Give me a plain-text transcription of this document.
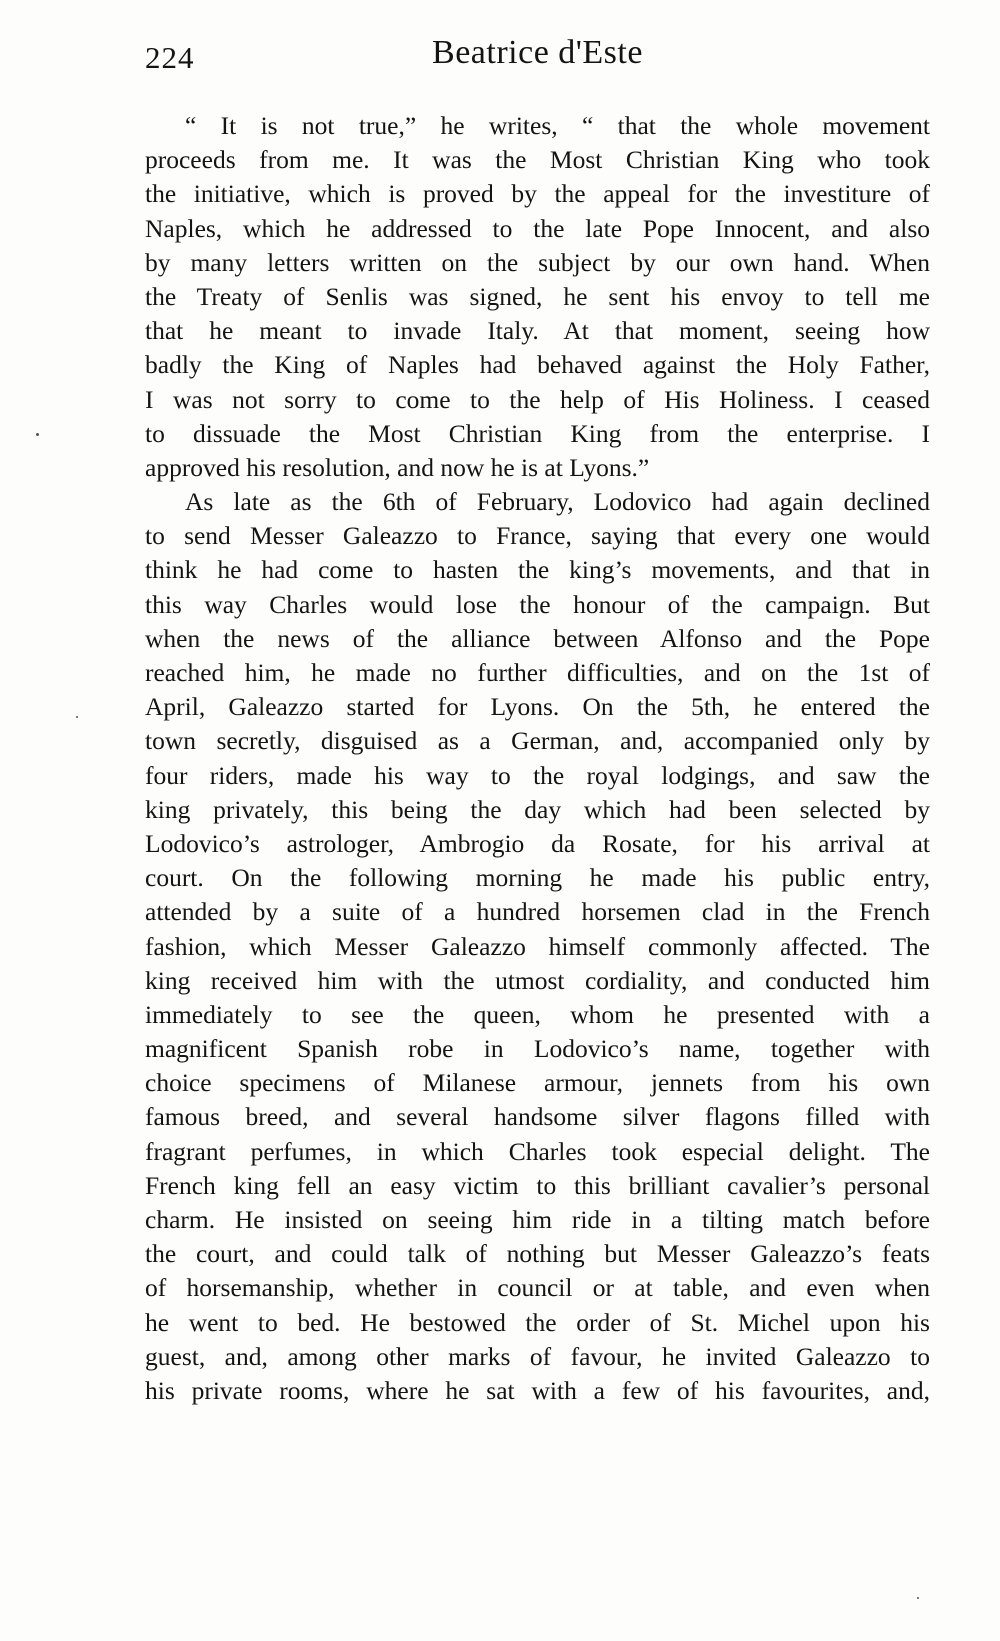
224	Beatrice d'Este
“ It is not true,” he writes, “ that the whole movement
proceeds from me. It was the Most Christian King who took
the initiative, which is proved by the appeal for the investiture of
Naples, which he addressed to the late Pope Innocent, and also
by many letters written on the subject by our own hand. When
the Treaty of Senlis was signed, he sent his envoy to tell me
that he meant to invade Italy. At that moment, seeing how
badly the King of Naples had behaved against the Holy Father,
I was not sorry to come to the help of His Holiness. I ceased
to dissuade the Most Christian King from the enterprise. I
approved his resolution, and now he is at Lyons.”
As late as the 6th of February, Lodovico had again declined
to send Messer Galeazzo to France, saying that every one would
think he had come to hasten the king’s movements, and that in
this way Charles would lose the honour of the campaign. But
when the news of the alliance between Alfonso and the Pope
reached him, he made no further difficulties, and on the 1st of
April, Galeazzo started for Lyons. On the 5th, he entered the
town secretly, disguised as a German, and, accompanied only by
four riders, made his way to the royal lodgings, and saw the
king privately, this being the day which had been selected by
Lodovico’s astrologer, Ambrogio da Rosate, for his arrival at
court. On the following morning he made his public entry,
attended by a suite of a hundred horsemen clad in the French
fashion, which Messer Galeazzo himself commonly affected. The
king received him with the utmost cordiality, and conducted him
immediately to see the queen, whom he presented with a
magnificent Spanish robe in Lodovico’s name, together with
choice specimens of Milanese armour, jennets from his own
famous breed, and several handsome silver flagons filled with
fragrant perfumes, in which Charles took especial delight. The
French king fell an easy victim to this brilliant cavalier’s personal
charm. He insisted on seeing him ride in a tilting match before
the court, and could talk of nothing but Messer Galeazzo’s feats
of horsemanship, whether in council or at table, and even when
he went to bed. He bestowed the order of St. Michel upon his
guest, and, among other marks of favour, he invited Galeazzo to
his private rooms, where he sat with a few of his favourites, and,
